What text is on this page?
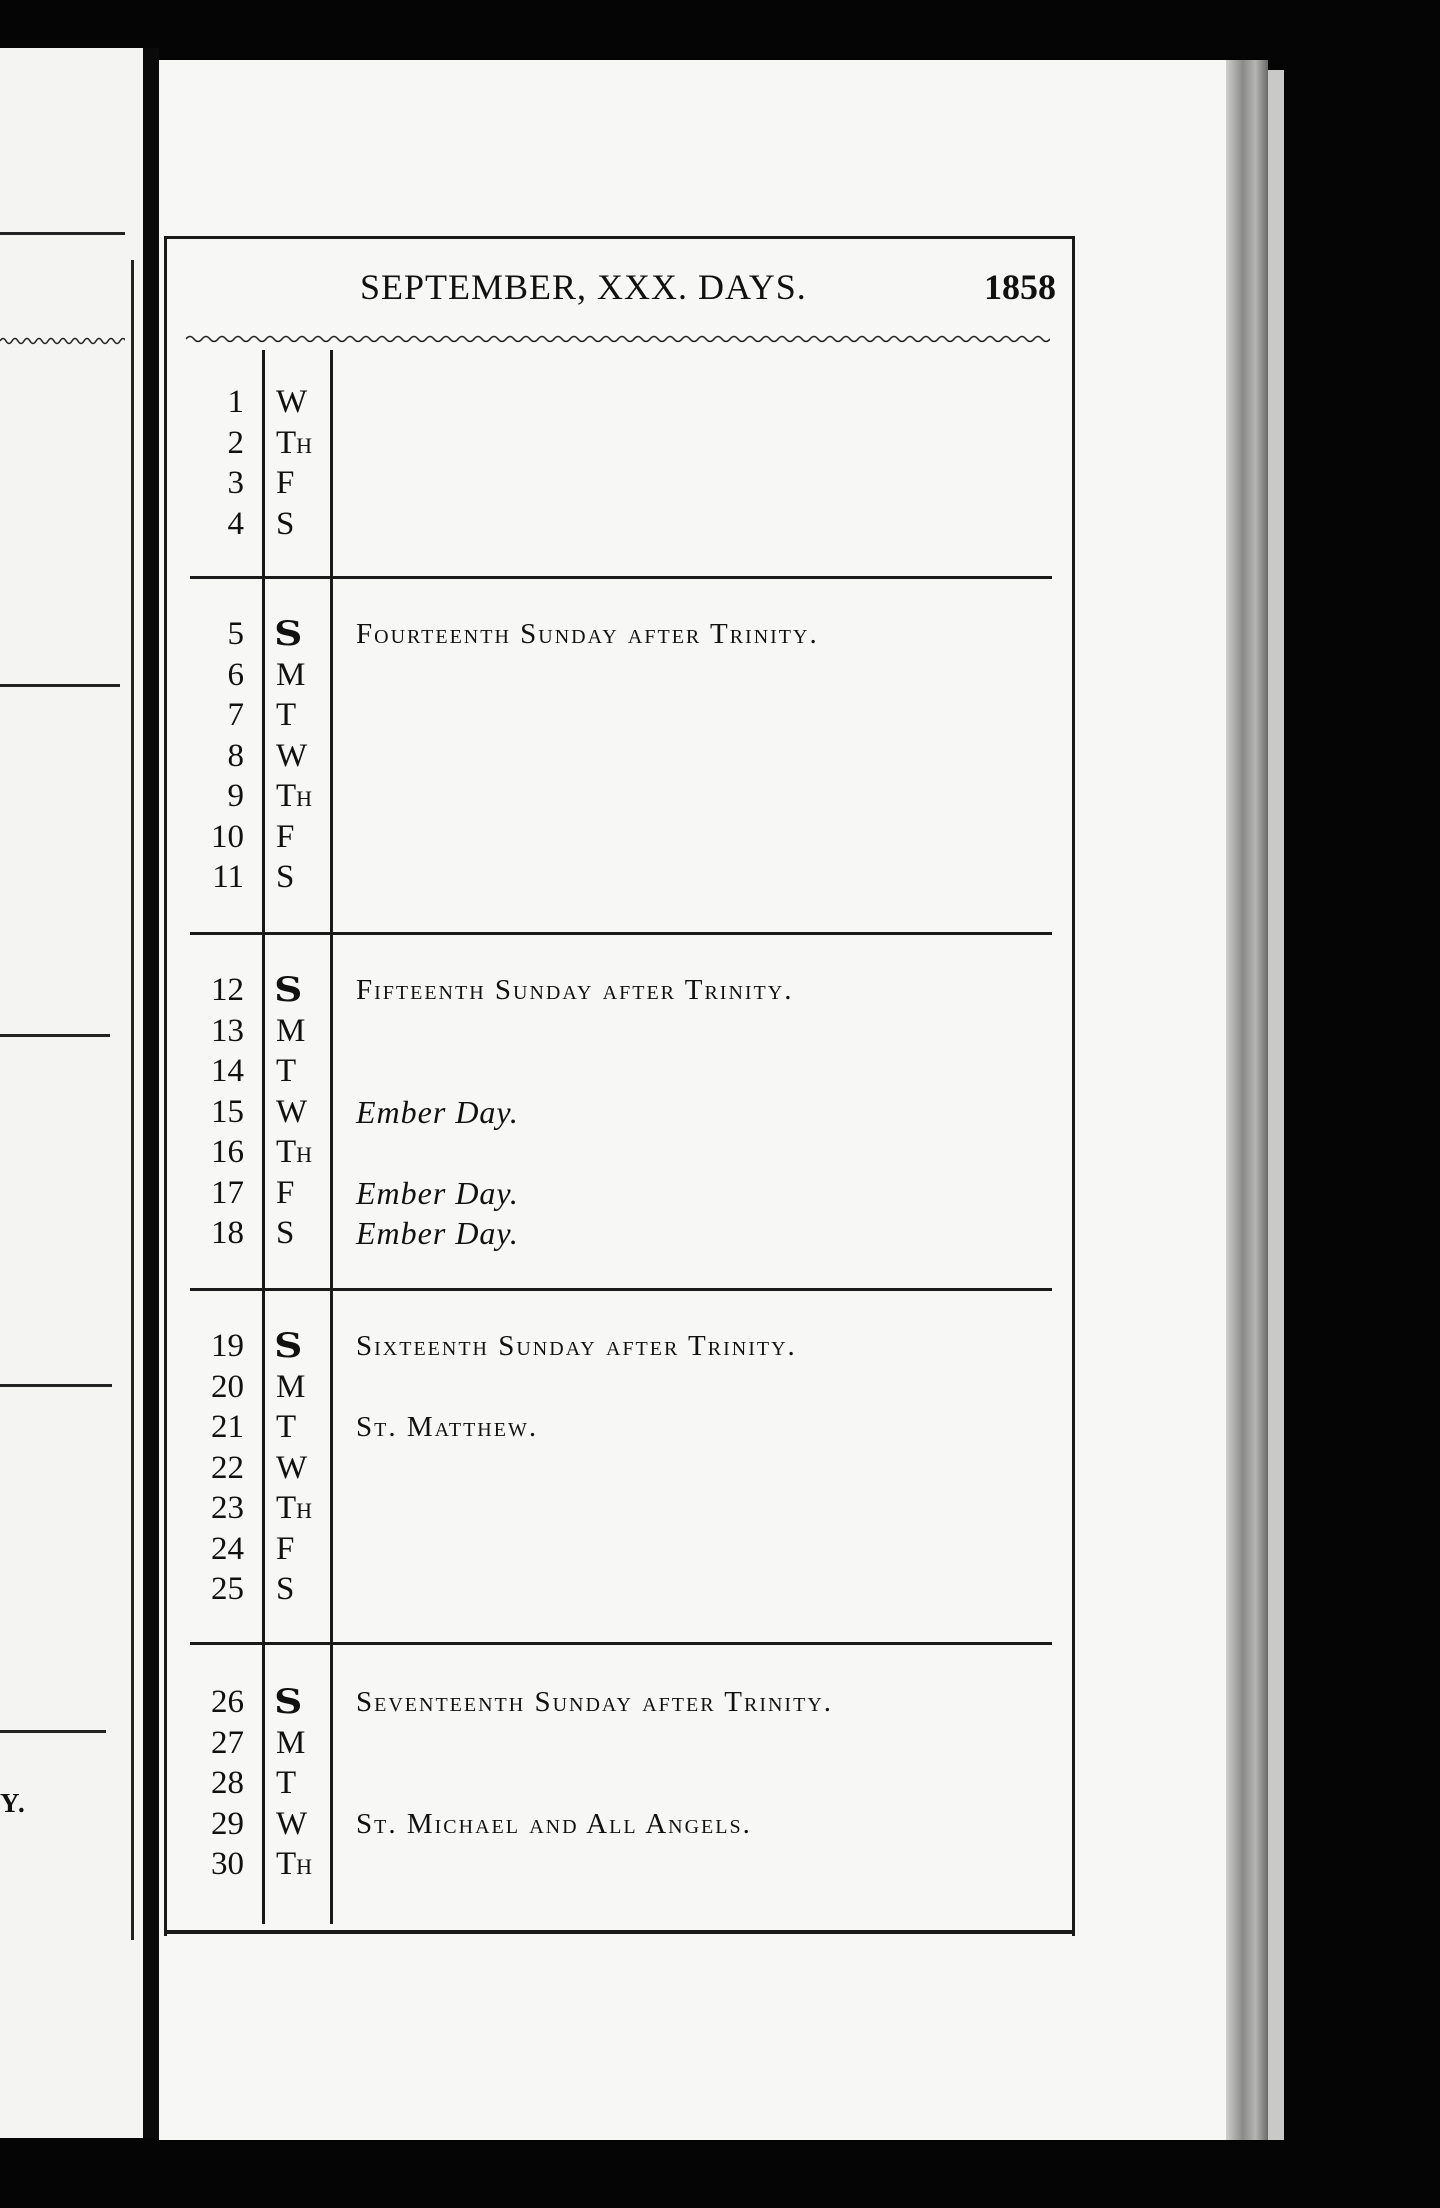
Y.
SEPTEMBER, XXX. DAYS.	1858
1 W
2 TH
3 F
4 S
5 S Fourteenth Sunday after Trinity.
6 M
7 T
8 W
9 TH
10 F
11 S
12 S Fifteenth Sunday after Trinity.
13 M
14 T
15 W Ember Day.
16 TH
17 F Ember Day.
18 S Ember Day.
19 S Sixteenth Sunday after Trinity.
20 M
21 T St. Matthew.
22 W
23 TH
24 F
25 S
26 S Seventeenth Sunday after Trinity.
27 M
28 T
29 W St. Michael and All Angels.
30 TH
